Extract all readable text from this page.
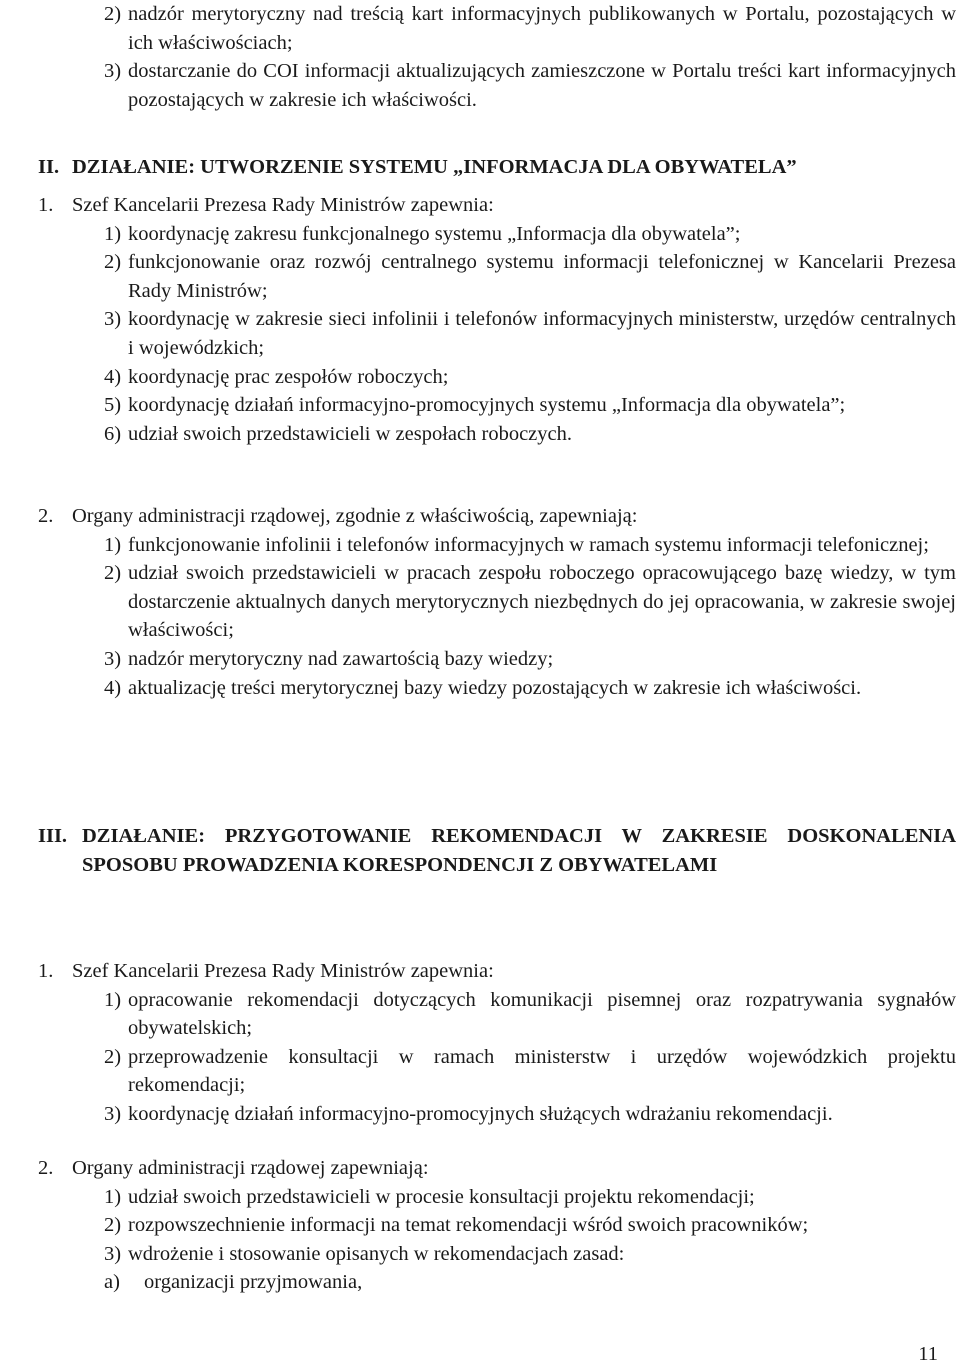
2) nadzór merytoryczny nad treścią kart informacyjnych publikowanych w Portalu, pozostających w ich właściwościach;
3) dostarczanie do COI informacji aktualizujących zamieszczone w Portalu treści kart informacyjnych pozostających w zakresie ich właściwości.
II. DZIAŁANIE: UTWORZENIE SYSTEMU „INFORMACJA DLA OBYWATELA”
1. Szef Kancelarii Prezesa Rady Ministrów zapewnia:
1) koordynację zakresu funkcjonalnego systemu „Informacja dla obywatela”;
2) funkcjonowanie oraz rozwój centralnego systemu informacji telefonicznej w Kancelarii Prezesa Rady Ministrów;
3) koordynację w zakresie sieci infolinii i telefonów informacyjnych ministerstw, urzędów centralnych i wojewódzkich;
4) koordynację prac zespołów roboczych;
5) koordynację działań informacyjno-promocyjnych systemu „Informacja dla obywatela”;
6) udział swoich przedstawicieli w zespołach roboczych.
2. Organy administracji rządowej, zgodnie z właściwością, zapewniają:
1) funkcjonowanie infolinii i telefonów informacyjnych w ramach systemu informacji telefonicznej;
2) udział swoich przedstawicieli w pracach zespołu roboczego opracowującego bazę wiedzy, w tym dostarczenie aktualnych danych merytorycznych niezbędnych do jej opracowania, w zakresie swojej właściwości;
3) nadzór merytoryczny nad zawartością bazy wiedzy;
4) aktualizację treści merytorycznej bazy wiedzy pozostających w zakresie ich właściwości.
III. DZIAŁANIE: PRZYGOTOWANIE REKOMENDACJI W ZAKRESIE DOSKONALENIA SPOSOBU PROWADZENIA KORESPONDENCJI Z OBYWATELAMI
1. Szef Kancelarii Prezesa Rady Ministrów zapewnia:
1) opracowanie rekomendacji dotyczących komunikacji pisemnej oraz rozpatrywania sygnałów obywatelskich;
2) przeprowadzenie konsultacji w ramach ministerstw i urzędów wojewódzkich projektu rekomendacji;
3) koordynację działań informacyjno-promocyjnych służących wdrażaniu rekomendacji.
2. Organy administracji rządowej zapewniają:
1) udział swoich przedstawicieli w procesie konsultacji projektu rekomendacji;
2) rozpowszechnienie informacji na temat rekomendacji wśród swoich pracowników;
3) wdrożenie i stosowanie opisanych w rekomendacjach zasad:
a) organizacji przyjmowania,
11
